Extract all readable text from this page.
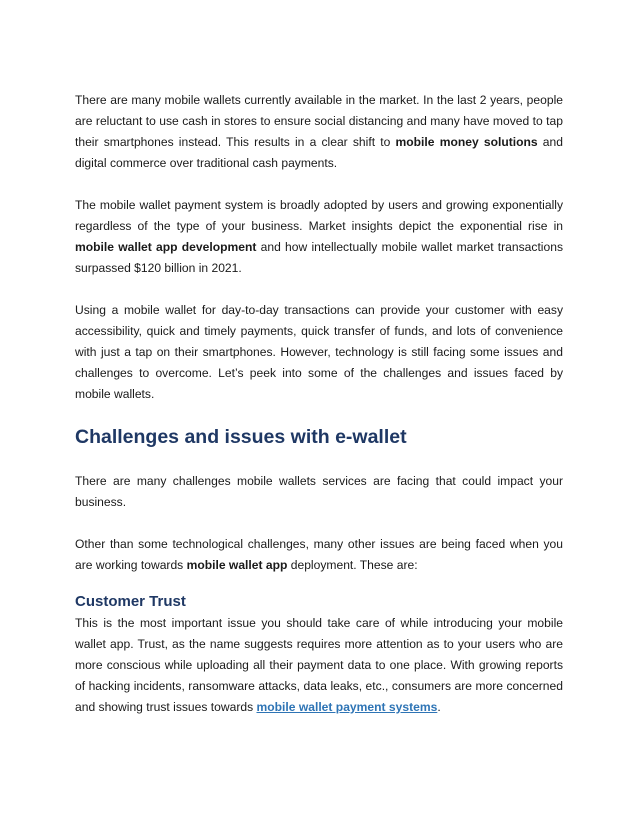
There are many mobile wallets currently available in the market. In the last 2 years, people are reluctant to use cash in stores to ensure social distancing and many have moved to tap their smartphones instead. This results in a clear shift to mobile money solutions and digital commerce over traditional cash payments.

The mobile wallet payment system is broadly adopted by users and growing exponentially regardless of the type of your business. Market insights depict the exponential rise in mobile wallet app development and how intellectually mobile wallet market transactions surpassed $120 billion in 2021.

Using a mobile wallet for day-to-day transactions can provide your customer with easy accessibility, quick and timely payments, quick transfer of funds, and lots of convenience with just a tap on their smartphones. However, technology is still facing some issues and challenges to overcome. Let’s peek into some of the challenges and issues faced by mobile wallets.

Challenges and issues with e-wallet

There are many challenges mobile wallets services are facing that could impact your business.

Other than some technological challenges, many other issues are being faced when you are working towards mobile wallet app deployment. These are:

Customer Trust

This is the most important issue you should take care of while introducing your mobile wallet app. Trust, as the name suggests requires more attention as to your users who are more conscious while uploading all their payment data to one place. With growing reports of hacking incidents, ransomware attacks, data leaks, etc., consumers are more concerned and showing trust issues towards mobile wallet payment systems.
